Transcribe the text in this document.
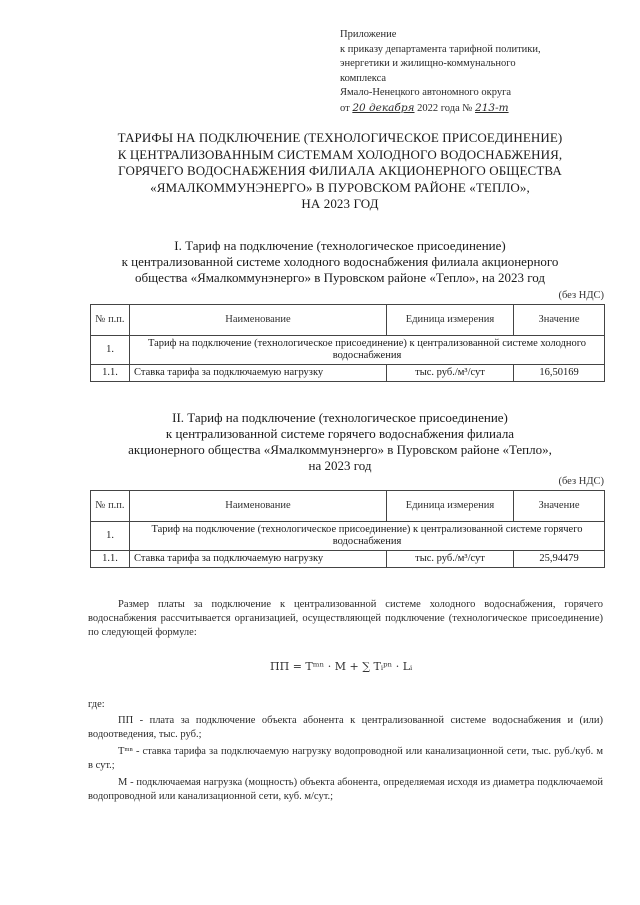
Приложение
к приказу департамента тарифной политики,
энергетики и жилищно-коммунального
комплекса
Ямало-Ненецкого автономного округа
от 20 декабря 2022 года № 213-т
ТАРИФЫ НА ПОДКЛЮЧЕНИЕ (ТЕХНОЛОГИЧЕСКОЕ ПРИСОЕДИНЕНИЕ)
К ЦЕНТРАЛИЗОВАННЫМ СИСТЕМАМ ХОЛОДНОГО ВОДОСНАБЖЕНИЯ,
ГОРЯЧЕГО ВОДОСНАБЖЕНИЯ ФИЛИАЛА АКЦИОНЕРНОГО ОБЩЕСТВА
«ЯМАЛКОММУНЭНЕРГО» В ПУРОВСКОМ РАЙОНЕ «ТЕПЛО»,
НА 2023 ГОД
I. Тариф на подключение (технологическое присоединение)
к централизованной системе холодного водоснабжения филиала акционерного
общества «Ямалкоммунэнерго» в Пуровском районе «Тепло», на 2023 год
(без НДС)
№ п.п.	Наименование	Единица измерения	Значение
1.	Тариф на подключение (технологическое присоединение) к централизованной системе холодного водоснабжения		
1.1.	Ставка тарифа за подключаемую нагрузку	тыс. руб./м³/сут	16,50169
II. Тариф на подключение (технологическое присоединение)
к централизованной системе горячего водоснабжения филиала
акционерного общества «Ямалкоммунэнерго» в Пуровском районе «Тепло»,
на 2023 год
(без НДС)
№ п.п.	Наименование	Единица измерения	Значение
1.	Тариф на подключение (технологическое присоединение) к централизованной системе горячего водоснабжения		
1.1.	Ставка тарифа за подключаемую нагрузку	тыс. руб./м³/сут	25,94479
Размер платы за подключение к централизованной системе холодного водоснабжения, горячего водоснабжения рассчитывается организацией, осуществляющей подключение (технологическое присоединение) по следующей формуле:
ПП = Tᵐⁿ · M + ∑ Tᵢᵖⁿ · Lᵢ
где:
ПП - плата за подключение объекта абонента к централизованной системе водоснабжения и (или) водоотведения, тыс. руб.;
Tᵐⁿ - ставка тарифа за подключаемую нагрузку водопроводной или канализационной сети, тыс. руб./куб. м в сут.;
М - подключаемая нагрузка (мощность) объекта абонента, определяемая исходя из диаметра подключаемой водопроводной или канализационной сети, куб. м/сут.;
